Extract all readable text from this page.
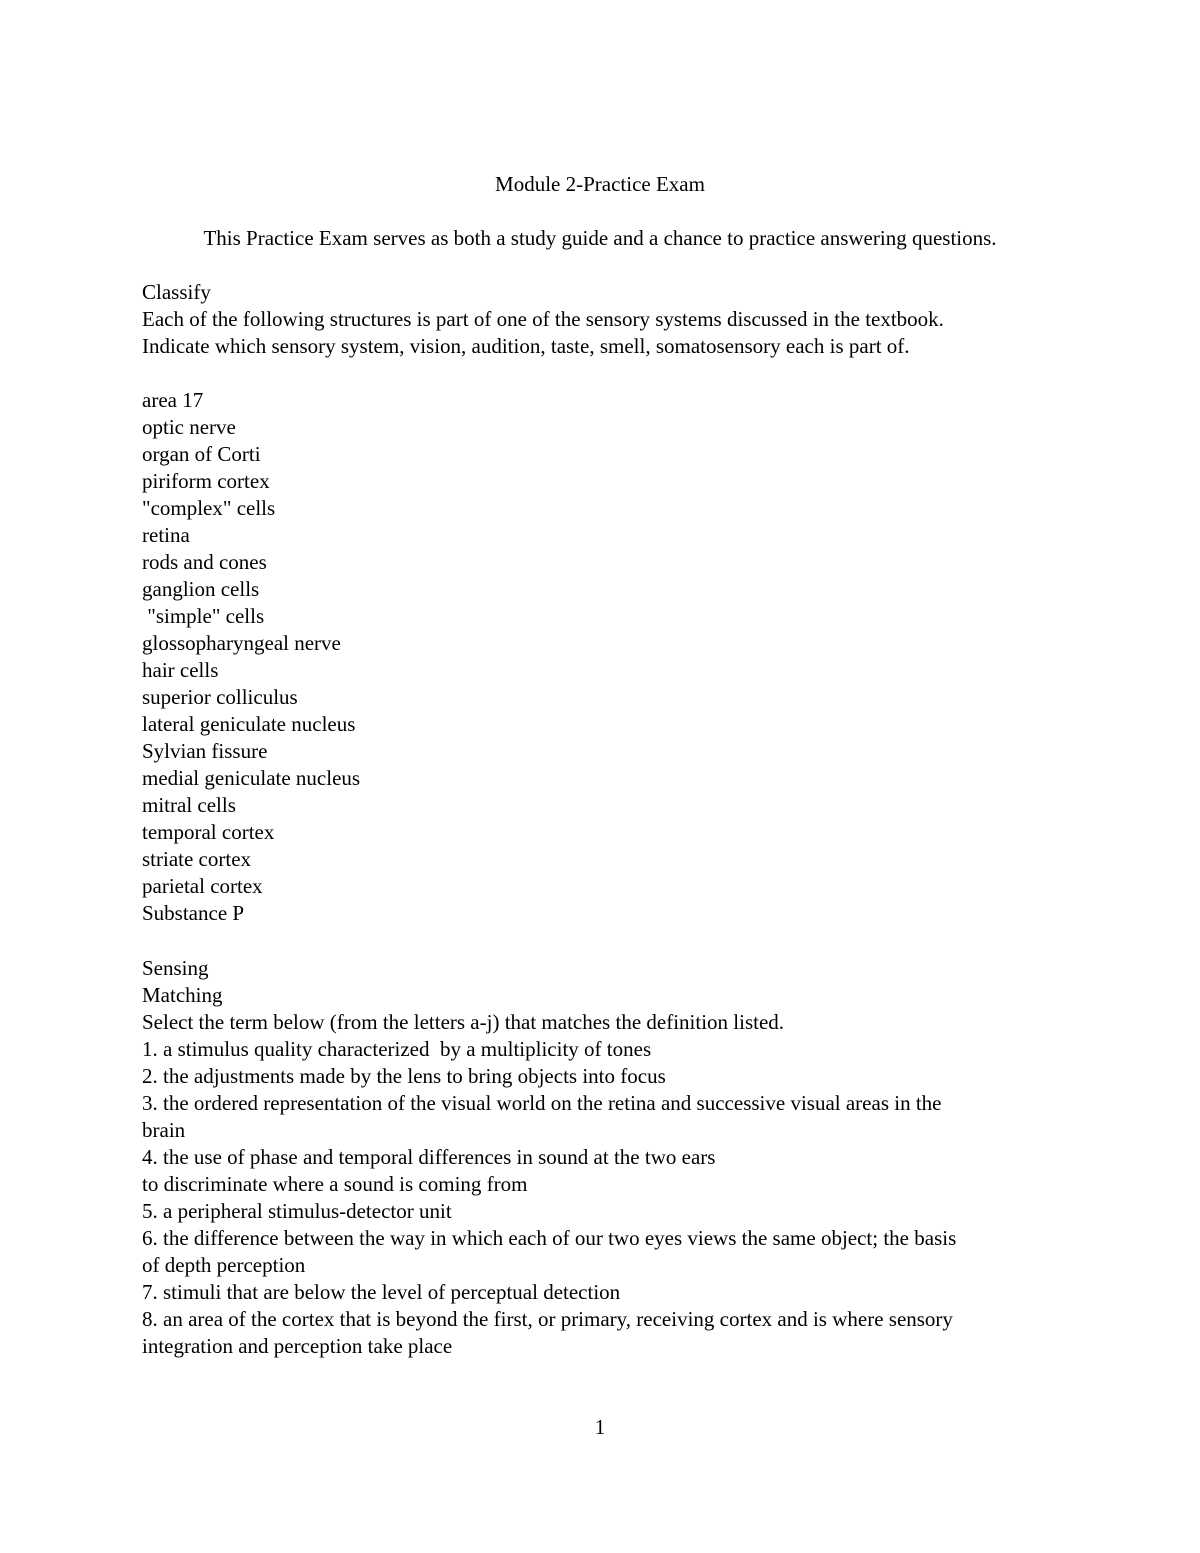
Module 2-Practice Exam
This Practice Exam serves as both a study guide and a chance to practice answering questions.
Classify
Each of the following structures is part of one of the sensory systems discussed in the textbook.
Indicate which sensory system, vision, audition, taste, smell, somatosensory each is part of.
area 17
optic nerve
organ of Corti
piriform cortex
"complex" cells
retina
rods and cones
ganglion cells
"simple" cells
glossopharyngeal nerve
hair cells
superior colliculus
lateral geniculate nucleus
Sylvian fissure
medial geniculate nucleus
mitral cells
temporal cortex
striate cortex
parietal cortex
Substance P
Sensing
Matching
Select the term below (from the letters a-j) that matches the definition listed.
1. a stimulus quality characterized  by a multiplicity of tones
2. the adjustments made by the lens to bring objects into focus
3. the ordered representation of the visual world on the retina and successive visual areas in the
brain
4. the use of phase and temporal differences in sound at the two ears
to discriminate where a sound is coming from
5. a peripheral stimulus-detector unit
6. the difference between the way in which each of our two eyes views the same object; the basis
of depth perception
7. stimuli that are below the level of perceptual detection
8. an area of the cortex that is beyond the first, or primary, receiving cortex and is where sensory
integration and perception take place
1
